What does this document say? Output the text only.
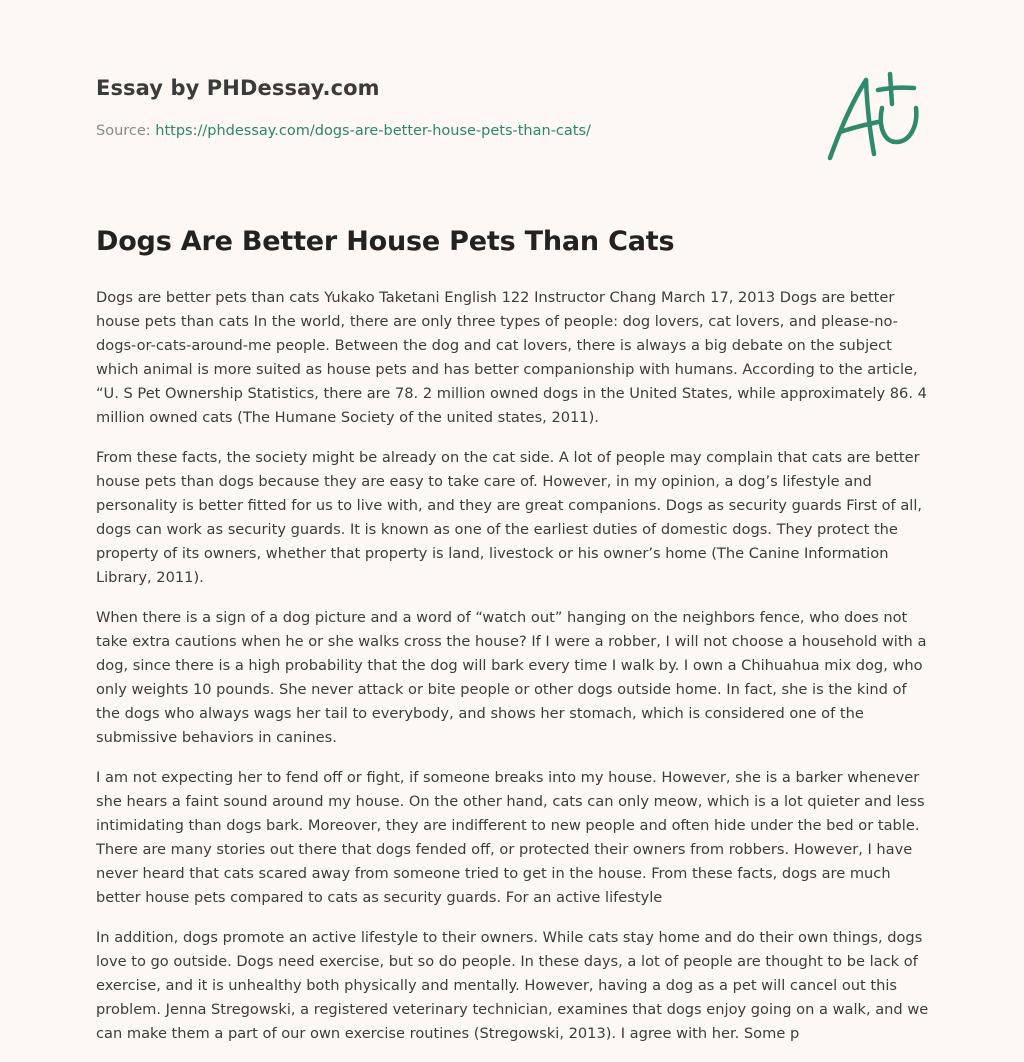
Essay by PHDessay.com
Source: https://phdessay.com/dogs-are-better-house-pets-than-cats/
Dogs Are Better House Pets Than Cats

Dogs are better pets than cats Yukako Taketani English 122 Instructor Chang March 17, 2013 Dogs are better house pets than cats In the world, there are only three types of people: dog lovers, cat lovers, and please-no-dogs-or-cats-around-me people. Between the dog and cat lovers, there is always a big debate on the subject which animal is more suited as house pets and has better companionship with humans. According to the article, “U. S Pet Ownership Statistics, there are 78. 2 million owned dogs in the United States, while approximately 86. 4 million owned cats (The Humane Society of the united states, 2011).

From these facts, the society might be already on the cat side. A lot of people may complain that cats are better house pets than dogs because they are easy to take care of. However, in my opinion, a dog’s lifestyle and personality is better fitted for us to live with, and they are great companions. Dogs as security guards First of all, dogs can work as security guards. It is known as one of the earliest duties of domestic dogs. They protect the property of its owners, whether that property is land, livestock or his owner’s home (The Canine Information Library, 2011).

When there is a sign of a dog picture and a word of “watch out” hanging on the neighbors fence, who does not take extra cautions when he or she walks cross the house? If I were a robber, I will not choose a household with a dog, since there is a high probability that the dog will bark every time I walk by. I own a Chihuahua mix dog, who only weights 10 pounds. She never attack or bite people or other dogs outside home. In fact, she is the kind of the dogs who always wags her tail to everybody, and shows her stomach, which is considered one of the submissive behaviors in canines.

I am not expecting her to fend off or fight, if someone breaks into my house. However, she is a barker whenever she hears a faint sound around my house. On the other hand, cats can only meow, which is a lot quieter and less intimidating than dogs bark. Moreover, they are indifferent to new people and often hide under the bed or table. There are many stories out there that dogs fended off, or protected their owners from robbers. However, I have never heard that cats scared away from someone tried to get in the house. From these facts, dogs are much better house pets compared to cats as security guards. For an active lifestyle

In addition, dogs promote an active lifestyle to their owners. While cats stay home and do their own things, dogs love to go outside. Dogs need exercise, but so do people. In these days, a lot of people are thought to be lack of exercise, and it is unhealthy both physically and mentally. However, having a dog as a pet will cancel out this problem. Jenna Stregowski, a registered veterinary technician, examines that dogs enjoy going on a walk, and we can make them a part of our own exercise routines (Stregowski, 2013). I agree with her. Some p
